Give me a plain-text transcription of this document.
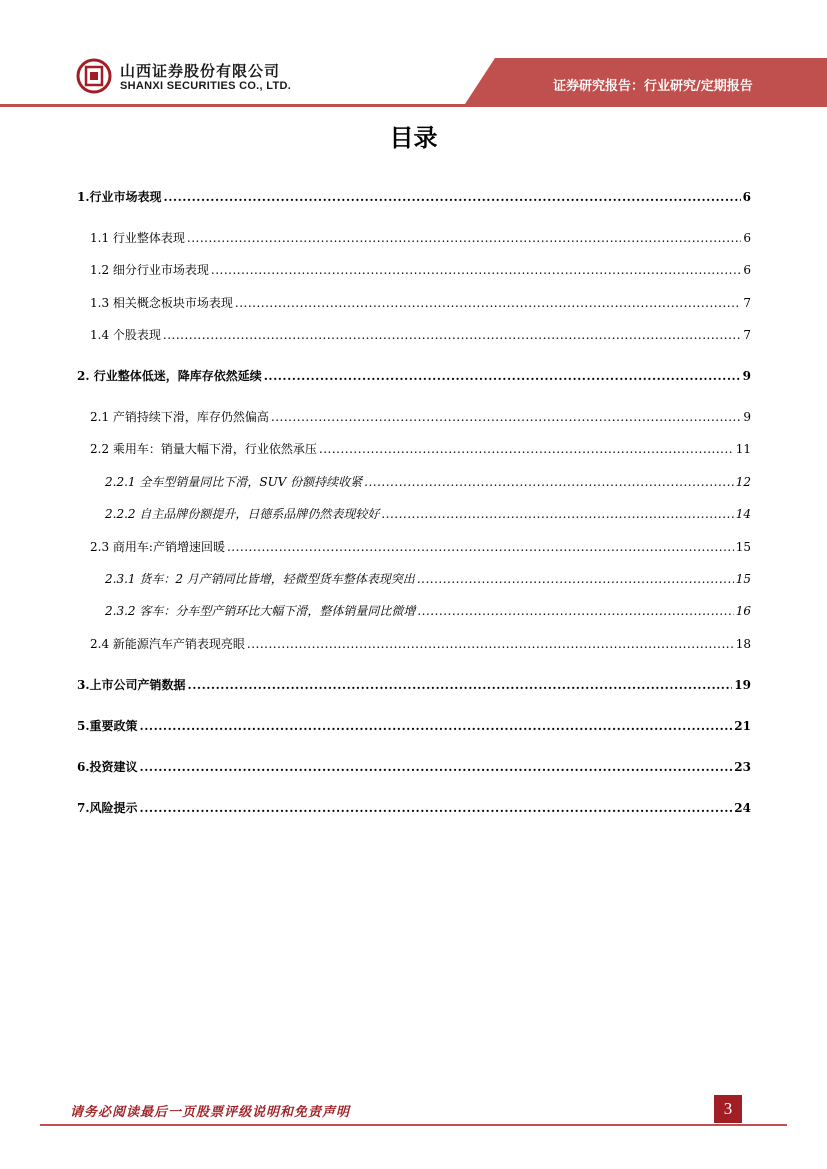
山西证券股份有限公司
SHANXI SECURITIES CO., LTD.	证券研究报告：行业研究/定期报告
目录
1.行业市场表现 .....	6
1.1 行业整体表现 .....	6
1.2 细分行业市场表现 .....	6
1.3 相关概念板块市场表现 .....	7
1.4 个股表现 .....	7
2. 行业整体低迷，降库存依然延续 .....	9
2.1 产销持续下滑，库存仍然偏高 .....	9
2.2 乘用车：销量大幅下滑，行业依然承压 .....	11
2.2.1 全车型销量同比下滑，SUV 份额持续收紧 .....	12
2.2.2 自主品牌份额提升，日德系品牌仍然表现较好 .....	14
2.3 商用车:产销增速回暖 .....	15
2.3.1 货车：2 月产销同比皆增，轻微型货车整体表现突出 .....	15
2.3.2 客车：分车型产销环比大幅下滑，整体销量同比微增 .....	16
2.4 新能源汽车产销表现亮眼 .....	18
3.上市公司产销数据 .....	19
5.重要政策 .....	21
6.投资建议 .....	23
7.风险提示 .....	24
请务必阅读最后一页股票评级说明和免责声明	3
